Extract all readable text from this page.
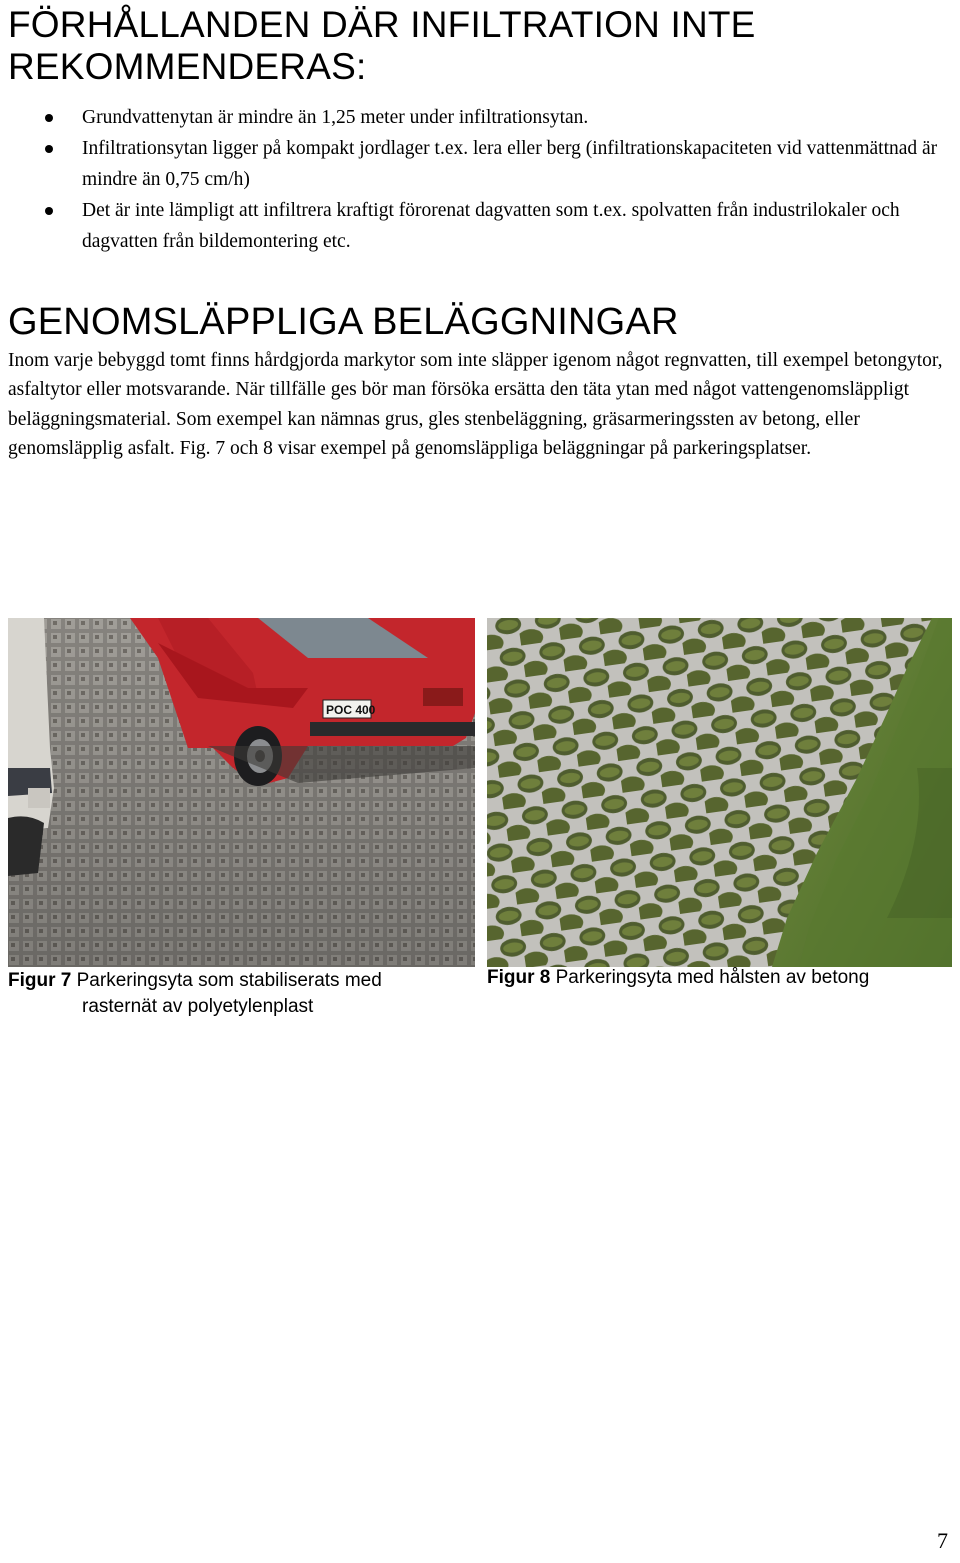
FÖRHÅLLANDEN DÄR INFILTRATION INTE REKOMMENDERAS:
Grundvattenytan är mindre än 1,25 meter under infiltrationsytan.
Infiltrationsytan ligger på kompakt jordlager t.ex. lera eller berg (infiltrationskapaciteten vid vattenmättnad är mindre än 0,75 cm/h)
Det är inte lämpligt att infiltrera kraftigt förorenat dagvatten som t.ex. spolvatten från industrilokaler och dagvatten från bildemontering etc.
GENOMSLÄPPLIGA BELÄGGNINGAR

Inom varje bebyggd tomt finns hårdgjorda markytor som inte släpper igenom något regnvatten, till exempel betongytor, asfaltytor eller motsvarande. När tillfälle ges bör man försöka ersätta den täta ytan med något vattengenomsläppligt beläggningsmaterial. Som exempel kan nämnas grus, gles stenbeläggning, gräsarmeringssten av betong, eller genomsläpplig asfalt. Fig. 7 och 8 visar exempel på genomsläppliga beläggningar på parkeringsplatser.

POC 400
Figur 7 Parkeringsyta som stabiliserats med
rasternät av polyetylenplast
Figur 8 Parkeringsyta med hålsten av betong
7
